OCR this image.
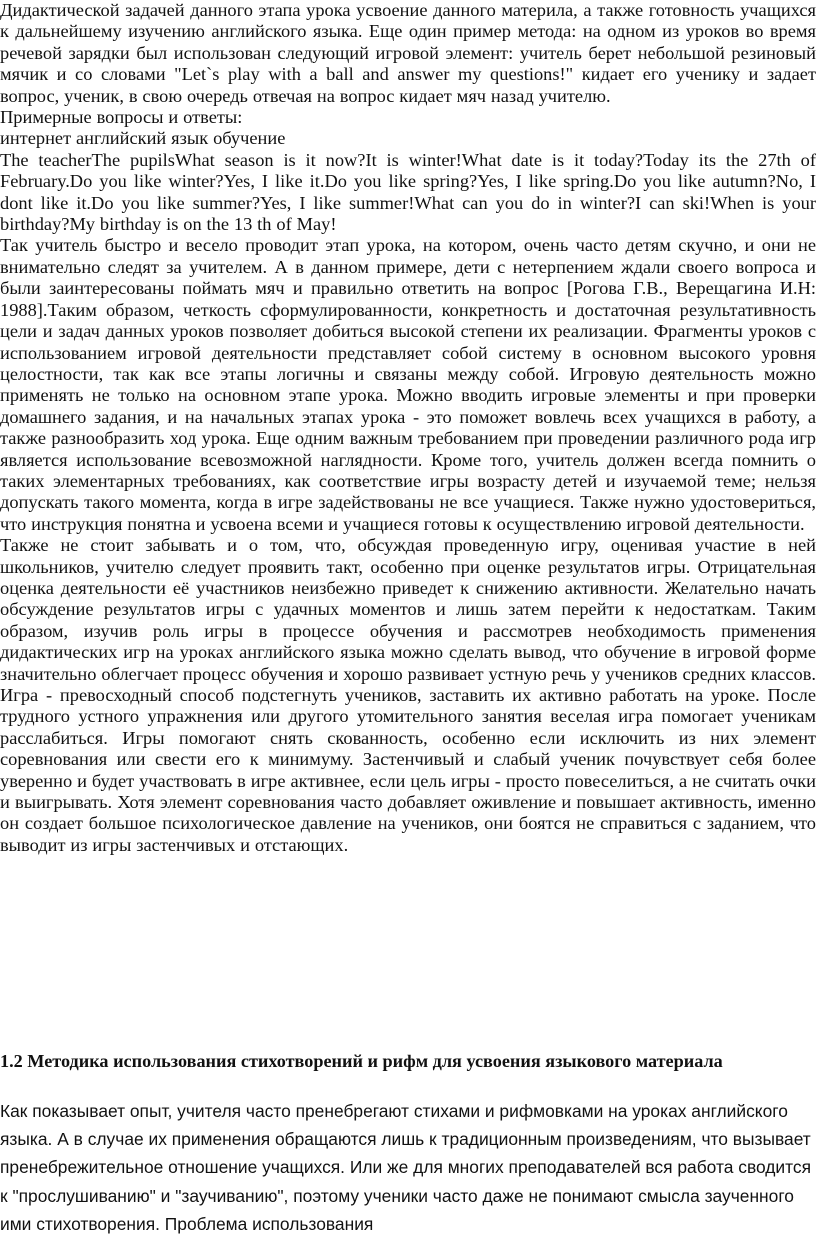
Дидактической задачей данного этапа урока усвоение данного материла, а также готовность учащихся к дальнейшему изучению английского языка. Еще один пример метода: на одном из уроков во время речевой зарядки был использован следующий игровой элемент: учитель берет небольшой резиновый мячик и со словами "Let`s play with a ball and answer my questions!" кидает его ученику и задает вопрос, ученик, в свою очередь отвечая на вопрос кидает мяч назад учителю.

Примерные вопросы и ответы:

интернет английский язык обучение

The teacherThe pupilsWhat season is it now?It is winter!What date is it today?Today its the 27th of February.Do you like winter?Yes, I like it.Do you like spring?Yes, I like spring.Do you like autumn?No, I dont like it.Do you like summer?Yes, I like summer!What can you do in winter?I can ski!When is your birthday?My birthday is on the 13 th of May!

Так учитель быстро и весело проводит этап урока, на котором, очень часто детям скучно, и они не внимательно следят за учителем. А в данном примере, дети с нетерпением ждали своего вопроса и были заинтересованы поймать мяч и правильно ответить на вопрос [Рогова Г.В., Верещагина И.Н: 1988].Таким образом, четкость сформулированности, конкретность и достаточная результативность цели и задач данных уроков позволяет добиться высокой степени их реализации. Фрагменты уроков с использованием игровой деятельности представляет собой систему в основном высокого уровня целостности, так как все этапы логичны и связаны между собой. Игровую деятельность можно применять не только на основном этапе урока. Можно вводить игровые элементы и при проверки домашнего задания, и на начальных этапах урока - это поможет вовлечь всех учащихся в работу, а также разнообразить ход урока. Еще одним важным требованием при проведении различного рода игр является использование всевозможной наглядности. Кроме того, учитель должен всегда помнить о таких элементарных требованиях, как соответствие игры возрасту детей и изучаемой теме; нельзя допускать такого момента, когда в игре задействованы не все учащиеся. Также нужно удостовериться, что инструкция понятна и усвоена всеми и учащиеся готовы к осуществлению игровой деятельности.

Также не стоит забывать и о том, что, обсуждая проведенную игру, оценивая участие в ней школьников, учителю следует проявить такт, особенно при оценке результатов игры. Отрицательная оценка деятельности её участников неизбежно приведет к снижению активности. Желательно начать обсуждение результатов игры с удачных моментов и лишь затем перейти к недостаткам. Таким образом, изучив роль игры в процессе обучения и рассмотрев необходимость применения дидактических игр на уроках английского языка можно сделать вывод, что обучение в игровой форме значительно облегчает процесс обучения и хорошо развивает устную речь у учеников средних классов. Игра - превосходный способ подстегнуть учеников, заставить их активно работать на уроке. После трудного устного упражнения или другого утомительного занятия веселая игра помогает ученикам расслабиться. Игры помогают снять скованность, особенно если исключить из них элемент соревнования или свести его к минимуму. Застенчивый и слабый ученик почувствует себя более уверенно и будет участвовать в игре активнее, если цель игры - просто повеселиться, а не считать очки и выигрывать. Хотя элемент соревнования часто добавляет оживление и повышает активность, именно он создает большое психологическое давление на учеников, они боятся не справиться с заданием, что выводит из игры застенчивых и отстающих.

1.2 Методика использования стихотворений и рифм для усвоения языкового материала

Как показывает опыт, учителя часто пренебрегают стихами и рифмовками на уроках английского языка. А в случае их применения обращаются лишь к традиционным произведениям, что вызывает пренебрежительное отношение учащихся. Или же для многих преподавателей вся работа сводится к "прослушиванию" и "заучиванию", поэтому ученики часто даже не понимают смысла заученного ими стихотворения. Проблема использования
